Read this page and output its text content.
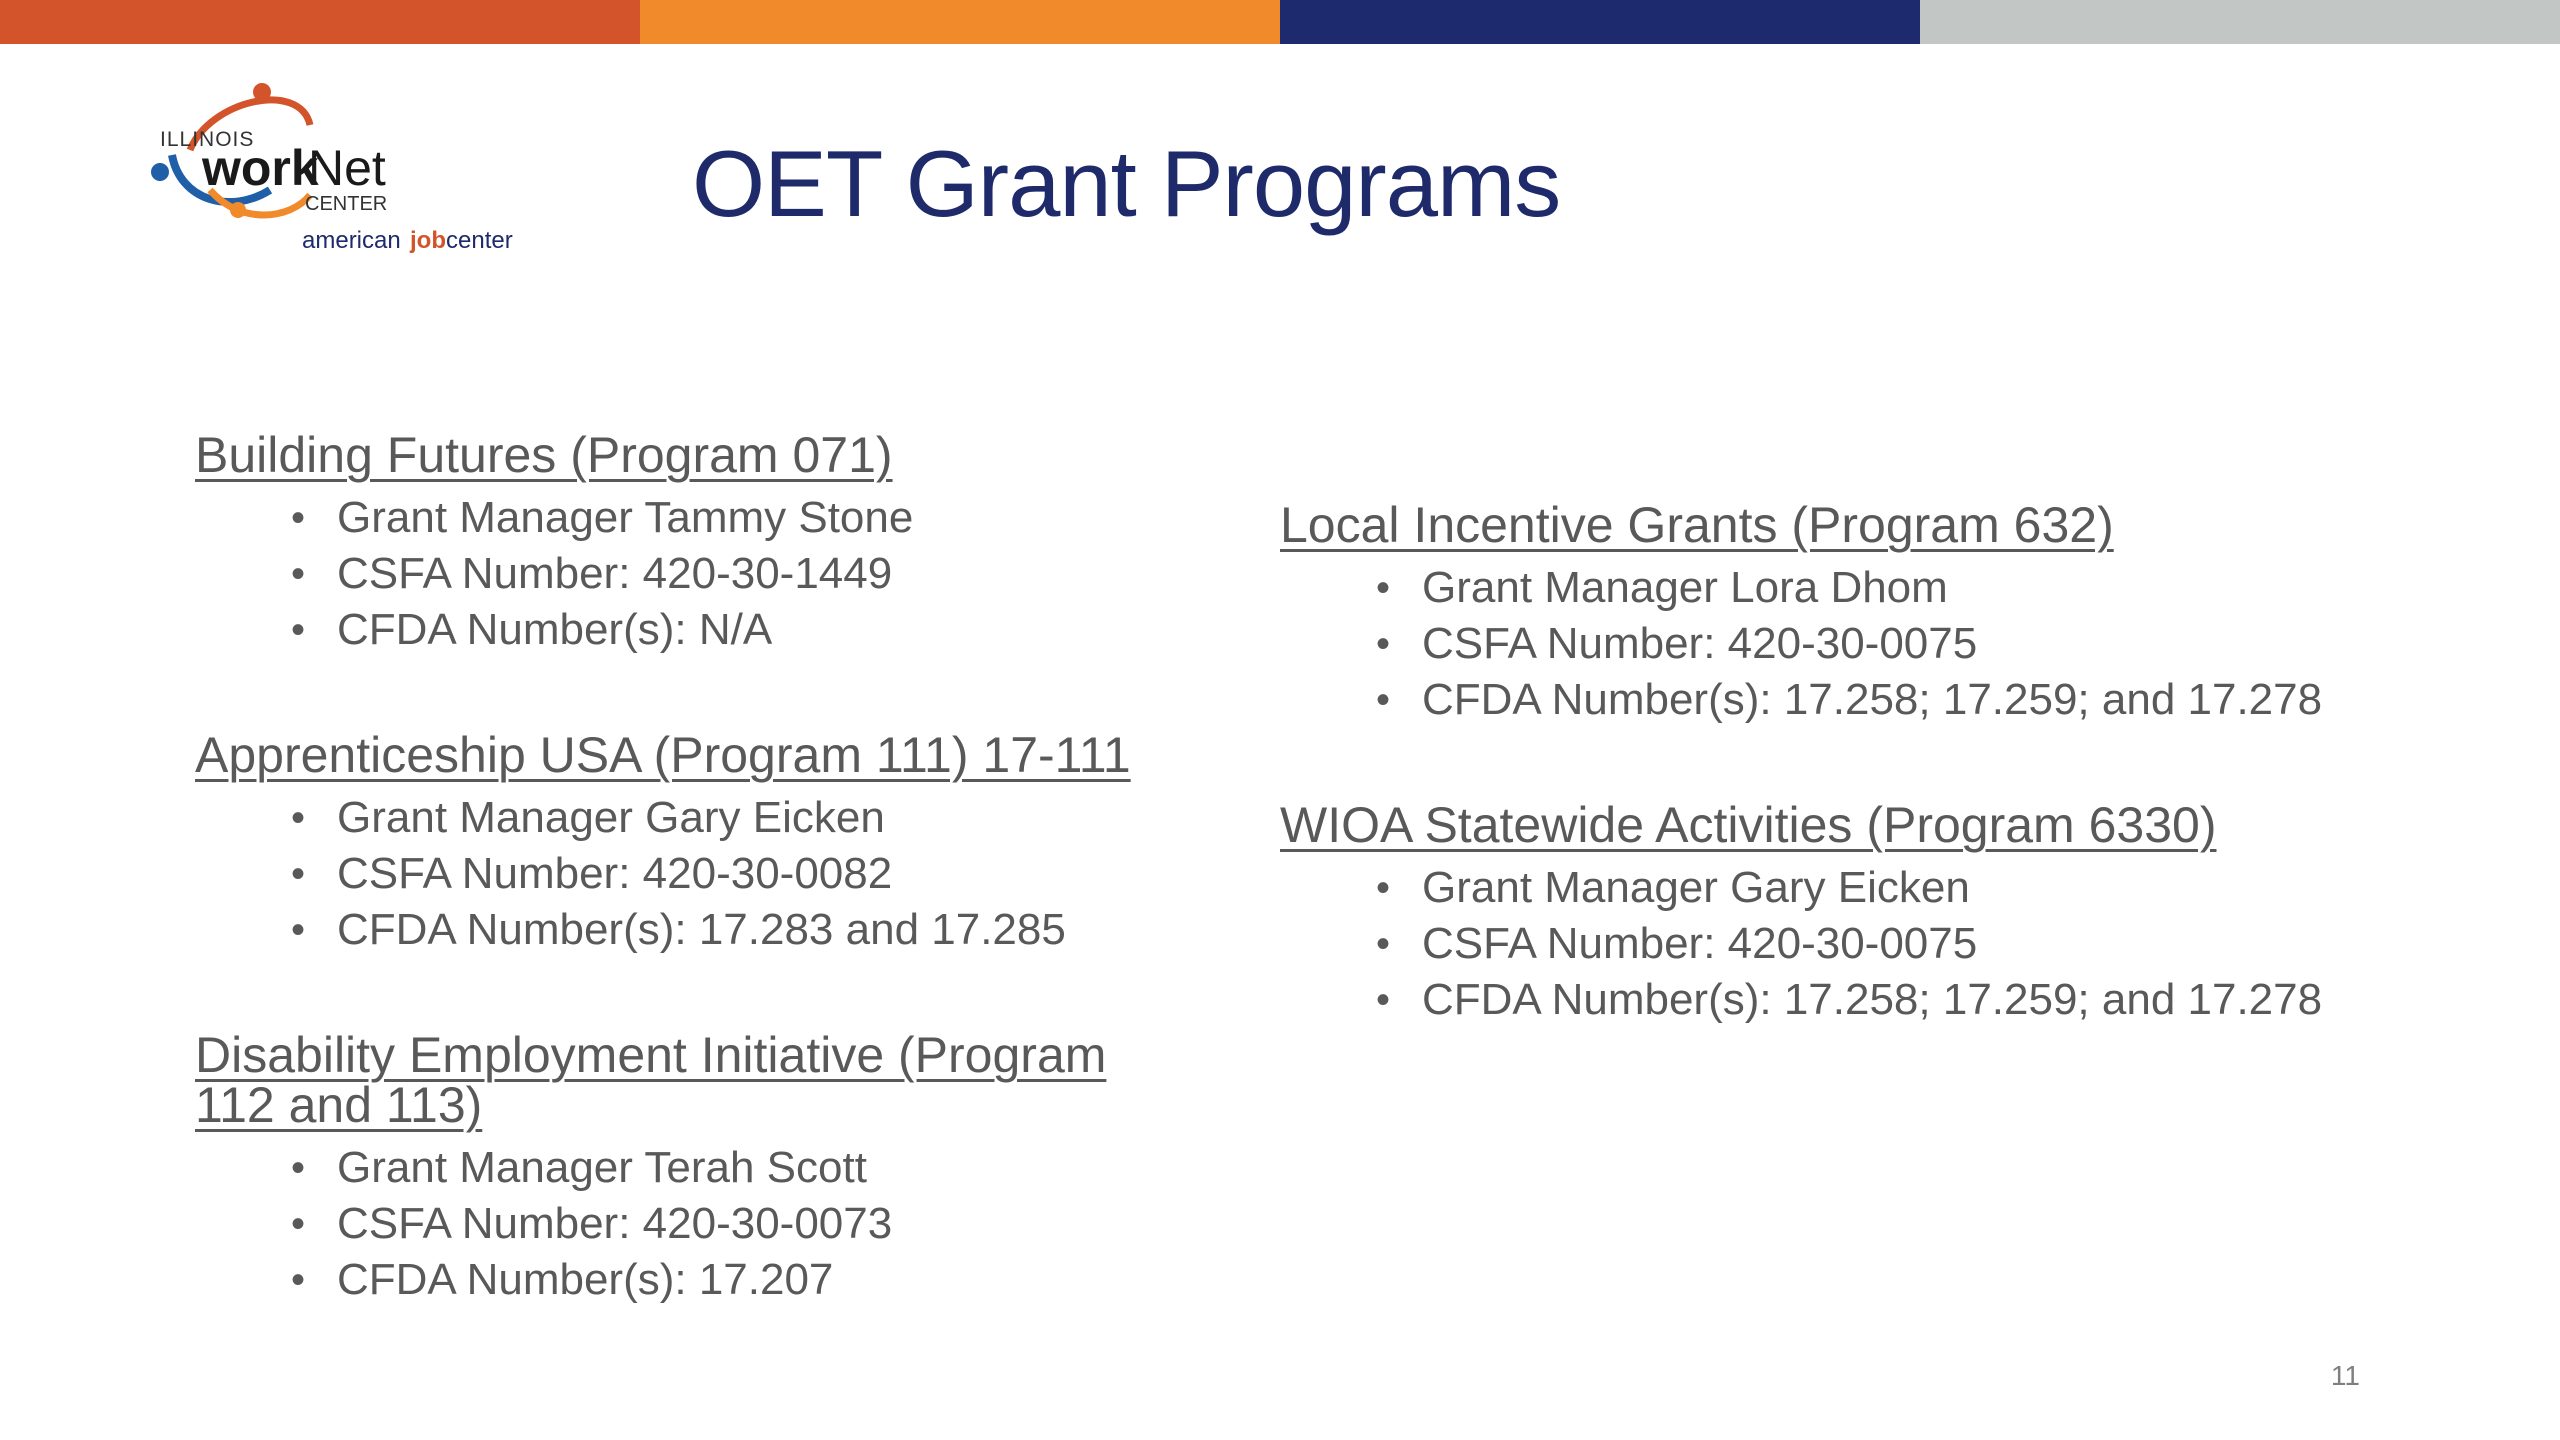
ILLINOIS
work
Net
CENTER
american job center
OET Grant Programs

Building Futures (Program 071)

• Grant Manager Tammy Stone
• CSFA Number: 420-30-1449
• CFDA Number(s): N/A

Apprenticeship USA (Program 111) 17-111

• Grant Manager Gary Eicken
• CSFA Number: 420-30-0082
• CFDA Number(s): 17.283 and 17.285

Disability Employment Initiative (Program

112 and 113)

• Grant Manager Terah Scott
• CSFA Number: 420-30-0073
• CFDA Number(s): 17.207

Local Incentive Grants (Program 632)

• Grant Manager Lora Dhom
• CSFA Number: 420-30-0075
• CFDA Number(s): 17.258; 17.259; and 17.278

WIOA Statewide Activities (Program 6330)

• Grant Manager Gary Eicken
• CSFA Number: 420-30-0075
• CFDA Number(s): 17.258; 17.259; and 17.278
11
